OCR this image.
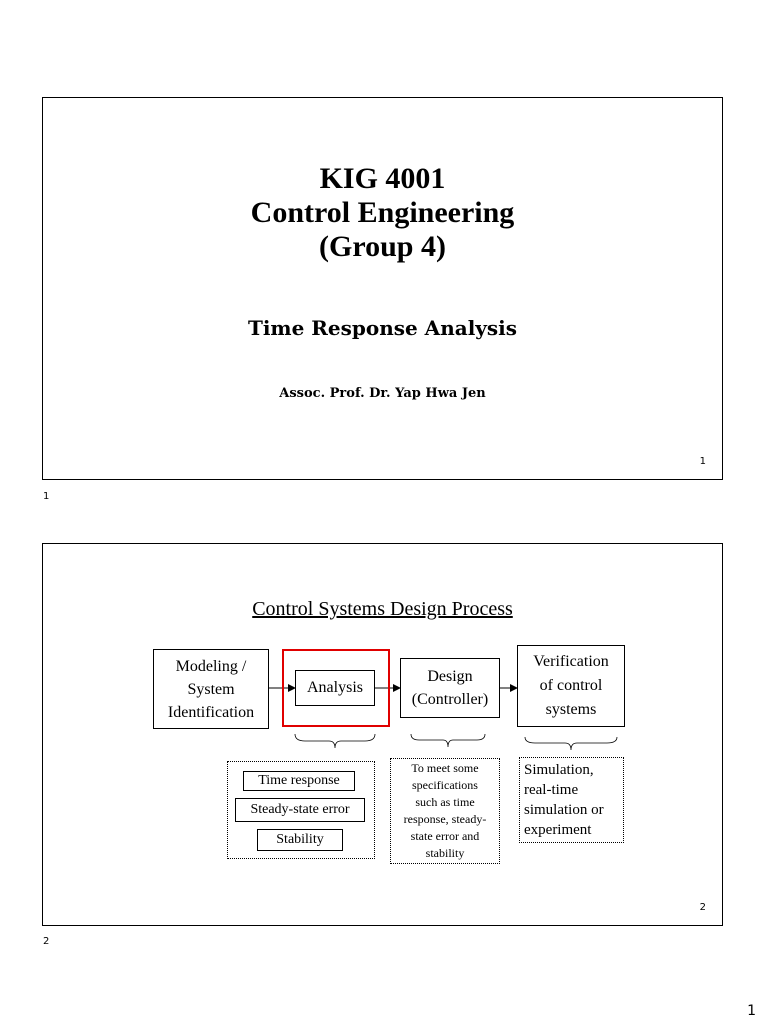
KIG 4001
Control Engineering
(Group 4)
Time Response Analysis
Assoc. Prof. Dr. Yap Hwa Jen
1
1
Control Systems Design Process
Modeling /
System
Identification
Analysis
Design
(Controller)
Verification
of control
systems
Time response
Steady-state error
Stability
To meet some
specifications
such as time
response, steady-
state error and
stability
Simulation,
real-time
simulation or
experiment
2
2
1
